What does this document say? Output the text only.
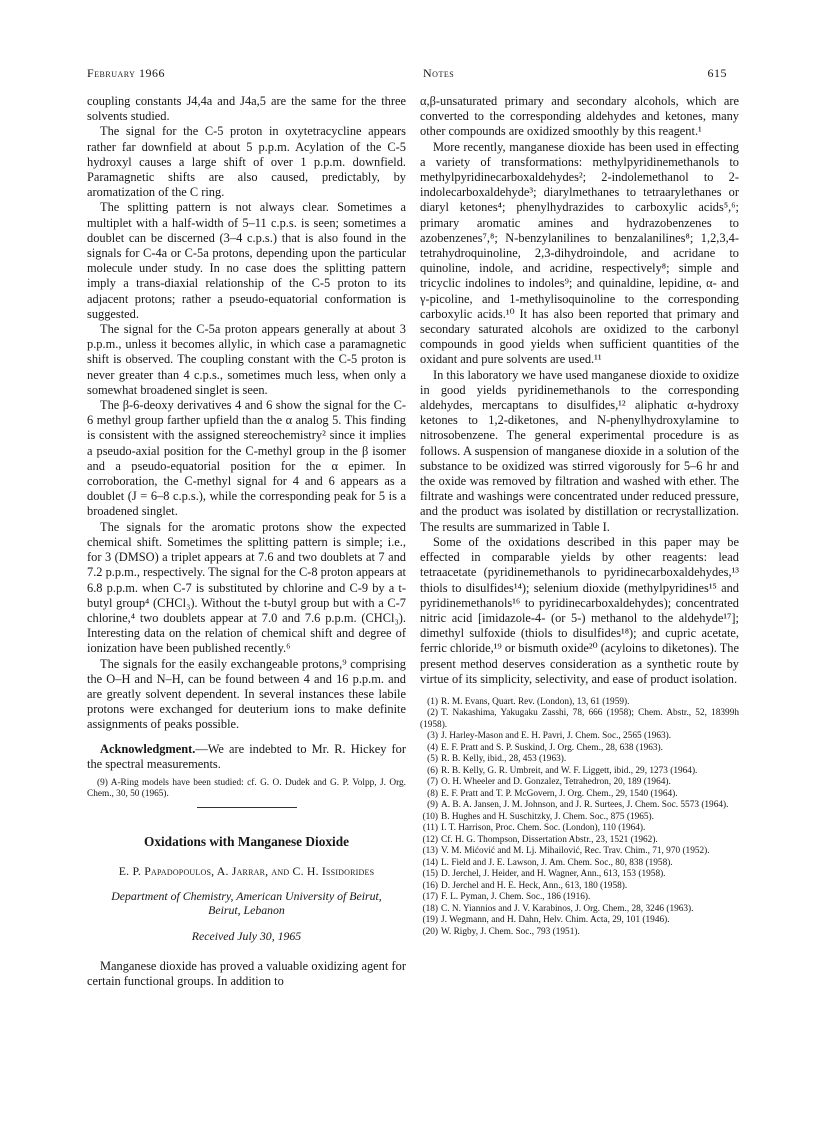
February 1966	Notes	615

coupling constants J4,4a and J4a,5 are the same for the three solvents studied.

The signal for the C-5 proton in oxytetracycline appears rather far downfield at about 5 p.p.m. Acylation of the C-5 hydroxyl causes a large shift of over 1 p.p.m. downfield. Paramagnetic shifts are also caused, predictably, by aromatization of the C ring.

The splitting pattern is not always clear. Sometimes a multiplet with a half-width of 5–11 c.p.s. is seen; sometimes a doublet can be discerned (3–4 c.p.s.) that is also found in the signals for C-4a or C-5a protons, depending upon the particular molecule under study. In no case does the splitting pattern imply a trans-diaxial relationship of the C-5 proton to its adjacent protons; rather a pseudo-equatorial conformation is suggested.

The signal for the C-5a proton appears generally at about 3 p.p.m., unless it becomes allylic, in which case a paramagnetic shift is observed. The coupling constant with the C-5 proton is never greater than 4 c.p.s., sometimes much less, when only a somewhat broadened singlet is seen.

The β-6-deoxy derivatives 4 and 6 show the signal for the C-6 methyl group farther upfield than the α analog 5. This finding is consistent with the assigned stereochemistry² since it implies a pseudo-axial position for the C-methyl group in the β isomer and a pseudo-equatorial position for the α epimer. In corroboration, the C-methyl signal for 4 and 6 appears as a doublet (J = 6–8 c.p.s.), while the corresponding peak for 5 is a broadened singlet.

The signals for the aromatic protons show the expected chemical shift. Sometimes the splitting pattern is simple; i.e., for 3 (DMSO) a triplet appears at 7.6 and two doublets at 7 and 7.2 p.p.m., respectively. The signal for the C-8 proton appears at 6.8 p.p.m. when C-7 is substituted by chlorine and C-9 by a t-butyl group⁴ (CHCl₃). Without the t-butyl group but with a C-7 chlorine,⁴ two doublets appear at 7.0 and 7.6 p.p.m. (CHCl₃). Interesting data on the relation of chemical shift and degree of ionization have been published recently.⁶

The signals for the easily exchangeable protons,⁹ comprising the O–H and N–H, can be found between 4 and 16 p.p.m. and are greatly solvent dependent. In several instances these labile protons were exchanged for deuterium ions to make definite assignments of peaks possible.

Acknowledgment.—We are indebted to Mr. R. Hickey for the spectral measurements.

(9) A-Ring models have been studied: cf. G. O. Dudek and G. P. Volpp, J. Org. Chem., 30, 50 (1965).

Oxidations with Manganese Dioxide
E. P. Papadopoulos, A. Jarrar, and C. H. Issidorides
Department of Chemistry, American University of Beirut,
Beirut, Lebanon
Received July 30, 1965

Manganese dioxide has proved a valuable oxidizing agent for certain functional groups. In addition to

α,β-unsaturated primary and secondary alcohols, which are converted to the corresponding aldehydes and ketones, many other compounds are oxidized smoothly by this reagent.¹

More recently, manganese dioxide has been used in effecting a variety of transformations: methylpyridinemethanols to methylpyridinecarboxaldehydes²; 2-indolemethanol to 2-indolecarboxaldehyde³; diarylmethanes to tetraarylethanes or diaryl ketones⁴; phenylhydrazides to carboxylic acids⁵,⁶; primary aromatic amines and hydrazobenzenes to azobenzenes⁷,⁸; N-benzylanilines to benzalanilines⁸; 1,2,3,4-tetrahydroquinoline, 2,3-dihydroindole, and acridane to quinoline, indole, and acridine, respectively⁸; simple and tricyclic indolines to indoles⁹; and quinaldine, lepidine, α- and γ-picoline, and 1-methylisoquinoline to the corresponding carboxylic acids.¹⁰ It has also been reported that primary and secondary saturated alcohols are oxidized to the carbonyl compounds in good yields when sufficient quantities of the oxidant and pure solvents are used.¹¹

In this laboratory we have used manganese dioxide to oxidize in good yields pyridinemethanols to the corresponding aldehydes, mercaptans to disulfides,¹² aliphatic α-hydroxy ketones to 1,2-diketones, and N-phenylhydroxylamine to nitrosobenzene. The general experimental procedure is as follows. A suspension of manganese dioxide in a solution of the substance to be oxidized was stirred vigorously for 5–6 hr and the oxide was removed by filtration and washed with ether. The filtrate and washings were concentrated under reduced pressure, and the product was isolated by distillation or recrystallization. The results are summarized in Table I.

Some of the oxidations described in this paper may be effected in comparable yields by other reagents: lead tetraacetate (pyridinemethanols to pyridinecarboxaldehydes,¹³ thiols to disulfides¹⁴); selenium dioxide (methylpyridines¹⁵ and pyridinemethanols¹⁶ to pyridinecarboxaldehydes); concentrated nitric acid [imidazole-4- (or 5-) methanol to the aldehyde¹⁷]; dimethyl sulfoxide (thiols to disulfides¹⁸); and cupric acetate, ferric chloride,¹⁹ or bismuth oxide²⁰ (acyloins to diketones). The present method deserves consideration as a synthetic route by virtue of its simplicity, selectivity, and ease of product isolation.

(1) R. M. Evans, Quart. Rev. (London), 13, 61 (1959).

(2) T. Nakashima, Yakugaku Zasshi, 78, 666 (1958); Chem. Abstr., 52, 18399h (1958).

(3) J. Harley-Mason and E. H. Pavri, J. Chem. Soc., 2565 (1963).

(4) E. F. Pratt and S. P. Suskind, J. Org. Chem., 28, 638 (1963).

(5) R. B. Kelly, ibid., 28, 453 (1963).

(6) R. B. Kelly, G. R. Umbreit, and W. F. Liggett, ibid., 29, 1273 (1964).

(7) O. H. Wheeler and D. Gonzalez, Tetrahedron, 20, 189 (1964).

(8) E. F. Pratt and T. P. McGovern, J. Org. Chem., 29, 1540 (1964).

(9) A. B. A. Jansen, J. M. Johnson, and J. R. Surtees, J. Chem. Soc. 5573 (1964).

(10) B. Hughes and H. Suschitzky, J. Chem. Soc., 875 (1965).

(11) I. T. Harrison, Proc. Chem. Soc. (London), 110 (1964).

(12) Cf. H. G. Thompson, Dissertation Abstr., 23, 1521 (1962).

(13) V. M. Mićović and M. Lj. Mihailović, Rec. Trav. Chim., 71, 970 (1952).

(14) L. Field and J. E. Lawson, J. Am. Chem. Soc., 80, 838 (1958).

(15) D. Jerchel, J. Heider, and H. Wagner, Ann., 613, 153 (1958).

(16) D. Jerchel and H. E. Heck, Ann., 613, 180 (1958).

(17) F. L. Pyman, J. Chem. Soc., 186 (1916).

(18) C. N. Yiannios and J. V. Karabinos, J. Org. Chem., 28, 3246 (1963).

(19) J. Wegmann, and H. Dahn, Helv. Chim. Acta, 29, 101 (1946).

(20) W. Rigby, J. Chem. Soc., 793 (1951).
